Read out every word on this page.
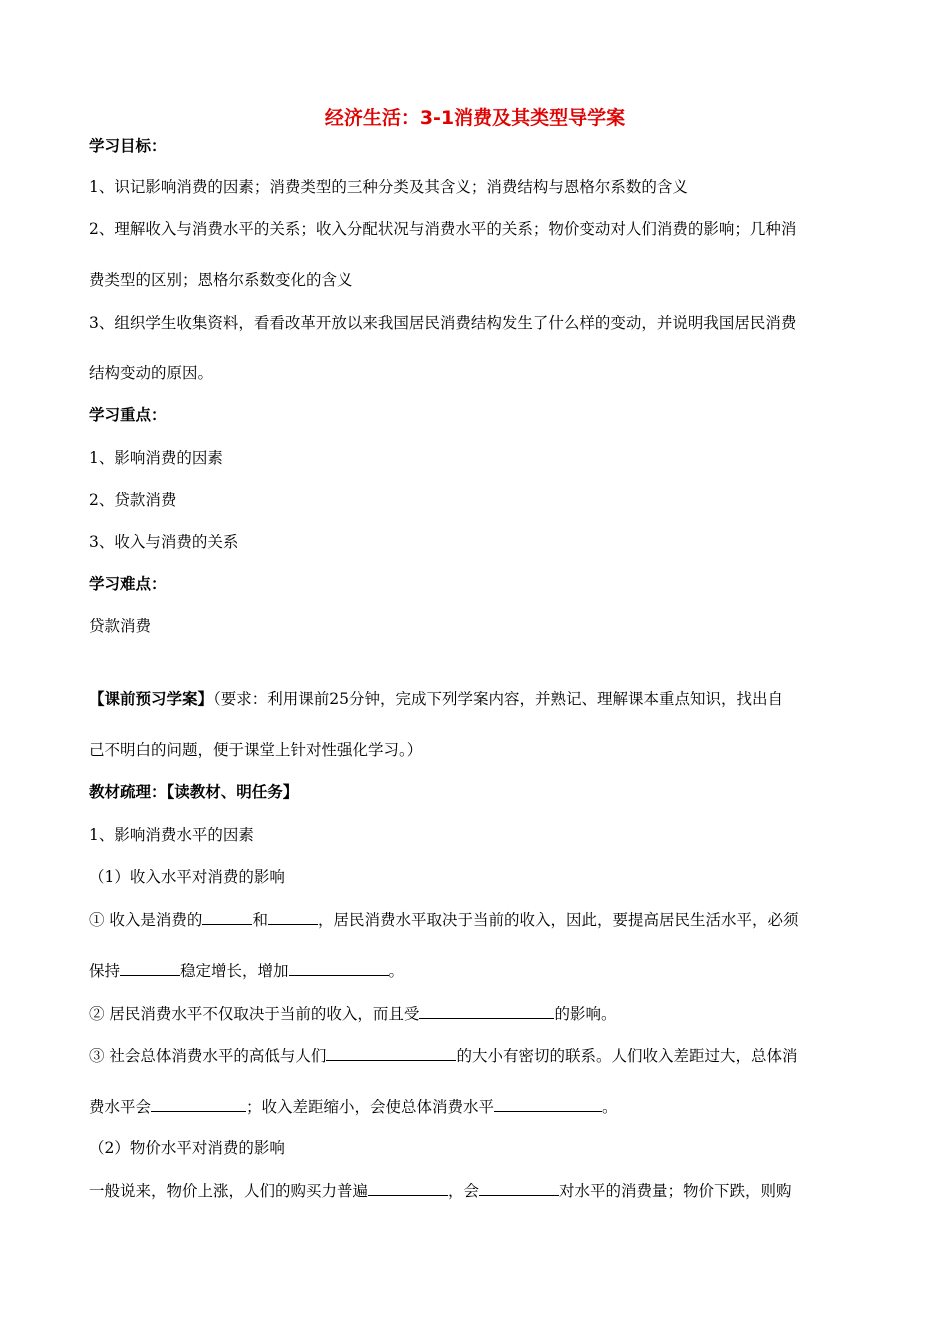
经济生活：3-1消费及其类型导学案
学习目标：
1、识记影响消费的因素；消费类型的三种分类及其含义；消费结构与恩格尔系数的含义
2、理解收入与消费水平的关系；收入分配状况与消费水平的关系；物价变动对人们消费的影响；几种消
费类型的区别；恩格尔系数变化的含义
3、组织学生收集资料，看看改革开放以来我国居民消费结构发生了什么样的变动，并说明我国居民消费
结构变动的原因。
学习重点：
1、影响消费的因素
2、贷款消费
3、收入与消费的关系
学习难点：
贷款消费
【课前预习学案】（要求：利用课前25分钟，完成下列学案内容，并熟记、理解课本重点知识，找出自
己不明白的问题，便于课堂上针对性强化学习。）
教材疏理：【读教材、明任务】
1、影响消费水平的因素
（1）收入水平对消费的影响
① 收入是消费的	和	，居民消费水平取决于当前的收入，因此，要提高居民生活水平，必须
保持	稳定增长，增加	。
② 居民消费水平不仅取决于当前的收入，而且受	的影响。
③ 社会总体消费水平的高低与人们	的大小有密切的联系。人们收入差距过大，总体消
费水平会	；收入差距缩小，会使总体消费水平	。
（2）物价水平对消费的影响
一般说来，物价上涨，人们的购买力普遍	，会	对水平的消费量；物价下跌，则购
